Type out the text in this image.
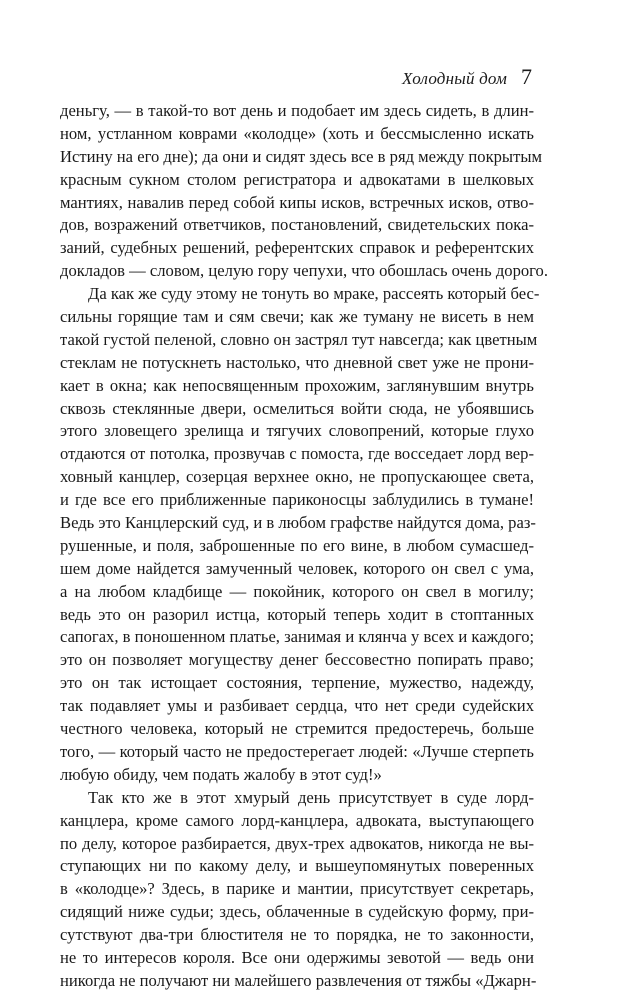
Холодный дом 7
деньгу, — в такой-то вот день и подобает им здесь сидеть, в длин-
ном, устланном коврами «колодце» (хоть и бессмысленно искать
Истину на его дне); да они и сидят здесь все в ряд между покрытым
красным сукном столом регистратора и адвокатами в шелковых
мантиях, навалив перед собой кипы исков, встречных исков, отво-
дов, возражений ответчиков, постановлений, свидетельских пока-
заний, судебных решений, референтских справок и референтских
докладов — словом, целую гору чепухи, что обошлась очень дорого.
Да как же суду этому не тонуть во мраке, рассеять который бес-
сильны горящие там и сям свечи; как же туману не висеть в нем
такой густой пеленой, словно он застрял тут навсегда; как цветным
стеклам не потускнеть настолько, что дневной свет уже не прони-
кает в окна; как непосвященным прохожим, заглянувшим внутрь
сквозь стеклянные двери, осмелиться войти сюда, не убоявшись
этого зловещего зрелища и тягучих словопрений, которые глухо
отдаются от потолка, прозвучав с помоста, где восседает лорд вер-
ховный канцлер, созерцая верхнее окно, не пропускающее света,
и где все его приближенные париконосцы заблудились в тумане!
Ведь это Канцлерский суд, и в любом графстве найдутся дома, раз-
рушенные, и поля, заброшенные по его вине, в любом сумасшед-
шем доме найдется замученный человек, которого он свел с ума,
а на любом кладбище — покойник, которого он свел в могилу;
ведь это он разорил истца, который теперь ходит в стоптанных
сапогах, в поношенном платье, занимая и клянча у всех и каждого;
это он позволяет могуществу денег бессовестно попирать право;
это он так истощает состояния, терпение, мужество, надежду,
так подавляет умы и разбивает сердца, что нет среди судейских
честного человека, который не стремится предостеречь, больше
того, — который часто не предостерегает людей: «Лучше стерпеть
любую обиду, чем подать жалобу в этот суд!»
Так кто же в этот хмурый день присутствует в суде лорд-
канцлера, кроме самого лорд-канцлера, адвоката, выступающего
по делу, которое разбирается, двух-трех адвокатов, никогда не вы-
ступающих ни по какому делу, и вышеупомянутых поверенных
в «колодце»? Здесь, в парике и мантии, присутствует секретарь,
сидящий ниже судьи; здесь, облаченные в судейскую форму, при-
сутствуют два-три блюстителя не то порядка, не то законности,
не то интересов короля. Все они одержимы зевотой — ведь они
никогда не получают ни малейшего развлечения от тяжбы «Джарн-
